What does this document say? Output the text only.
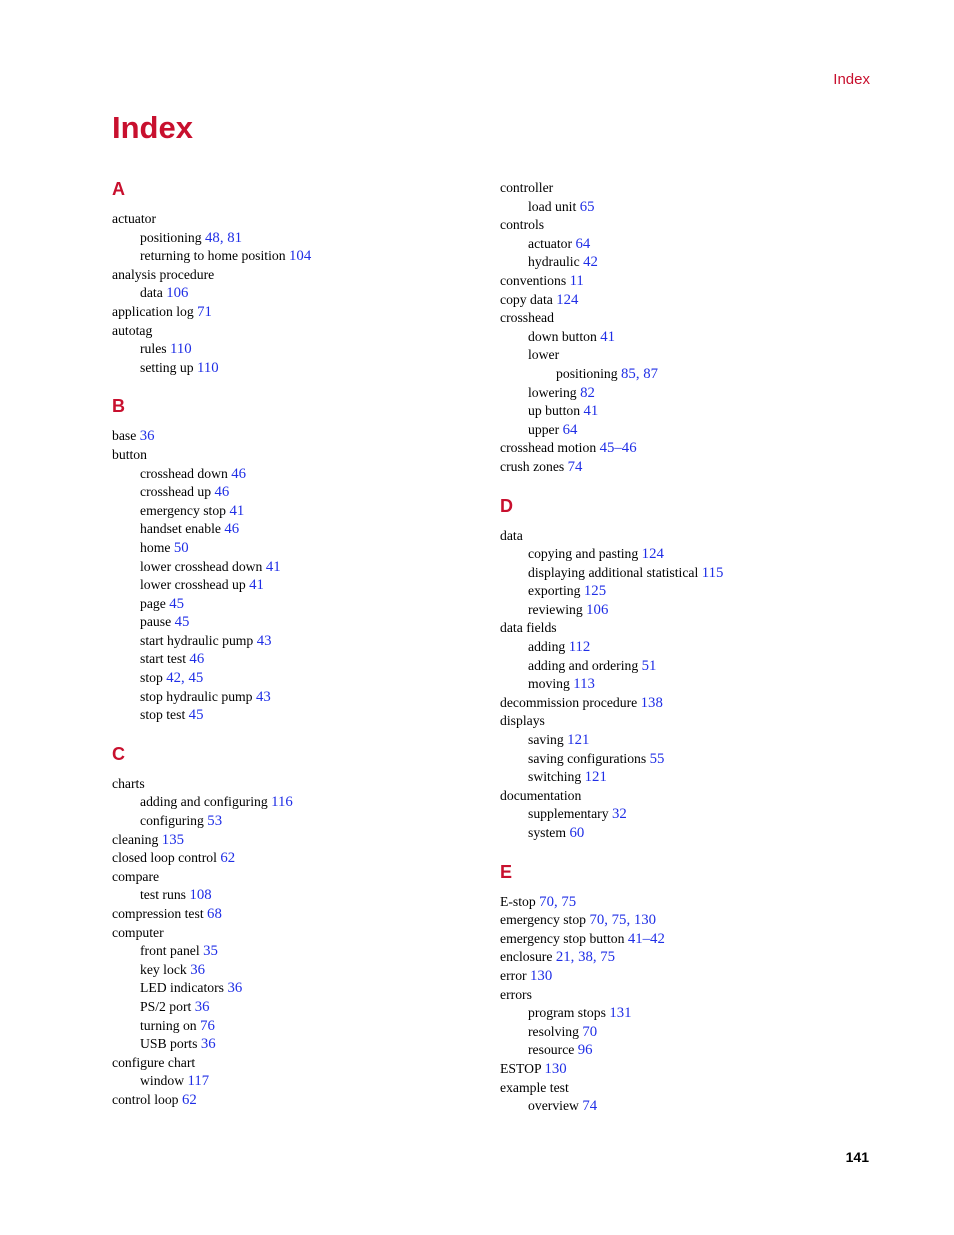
Index
Index
A
actuator
positioning 48, 81
returning to home position 104
analysis procedure
data 106
application log 71
autotag
rules 110
setting up 110
B
base 36
button
crosshead down 46
crosshead up 46
emergency stop 41
handset enable 46
home 50
lower crosshead down 41
lower crosshead up 41
page 45
pause 45
start hydraulic pump 43
start test 46
stop 42, 45
stop hydraulic pump 43
stop test 45
C
charts
adding and configuring 116
configuring 53
cleaning 135
closed loop control 62
compare
test runs 108
compression test 68
computer
front panel 35
key lock 36
LED indicators 36
PS/2 port 36
turning on 76
USB ports 36
configure chart
window 117
control loop 62
controller
load unit 65
controls
actuator 64
hydraulic 42
conventions 11
copy data 124
crosshead
down button 41
lower
positioning 85, 87
lowering 82
up button 41
upper 64
crosshead motion 45–46
crush zones 74
D
data
copying and pasting 124
displaying additional statistical 115
exporting 125
reviewing 106
data fields
adding 112
adding and ordering 51
moving 113
decommission procedure 138
displays
saving 121
saving configurations 55
switching 121
documentation
supplementary 32
system 60
E
E-stop 70, 75
emergency stop 70, 75, 130
emergency stop button 41–42
enclosure 21, 38, 75
error 130
errors
program stops 131
resolving 70
resource 96
ESTOP 130
example test
overview 74
141
